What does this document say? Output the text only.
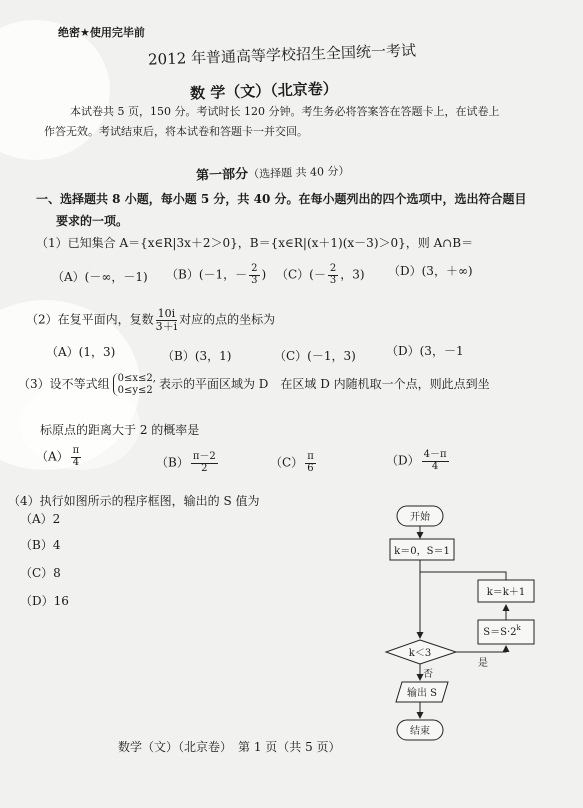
绝密★使用完毕前
2012 年普通高等学校招生全国统一考试
数 学（文）（北京卷）
本试卷共 5 页，150 分。考试时长 120 分钟。考生务必将答案答在答题卡上，在试卷上
作答无效。考试结束后，将本试卷和答题卡一并交回。
第一部分（选择题 共 40 分）
一、选择题共 8 小题，每小题 5 分，共 40 分。在每小题列出的四个选项中，选出符合题目
要求的一项。
（1）已知集合 A＝{x∈R|3x＋2＞0}，B＝{x∈R|(x＋1)(x－3)＞0}，则 A∩B＝
（A）(－∞，－1) （B）(－1，－ $\frac{2}{3}$ ) $(C)(- \frac{2}{3}$ ，3) （D）(3，＋∞)
（2）在复平面内，复数 $\frac{10i}{3+i}$ 对应的点的坐标为
（A）(1，3)	（B）(3，1)	（C）(－1，3)	（D）(3，－1
（3）设不等式组 0≤x≤2,
0≤y≤2 表示的平面区域为 D　在区域 D 内随机取一个点，则此点到坐
标原点的距离大于 2 的概率是
$(A) \frac{\pi}{4}$	$(B) \frac{\pi-2}{2}$	$(C) \frac{\pi}{6}$	$(D) \frac{4-\pi}{4}$
（4）执行如图所示的程序框图，输出的 S 值为
（A）2
（B）4
（C）8
（D）16
开始
k＝0，S＝1
k＜3
是
否
$S=S\cdot 2^k$
k＝k＋1
输出 S
结束
数学（文）（北京卷）　第 1 页（共 5 页）
